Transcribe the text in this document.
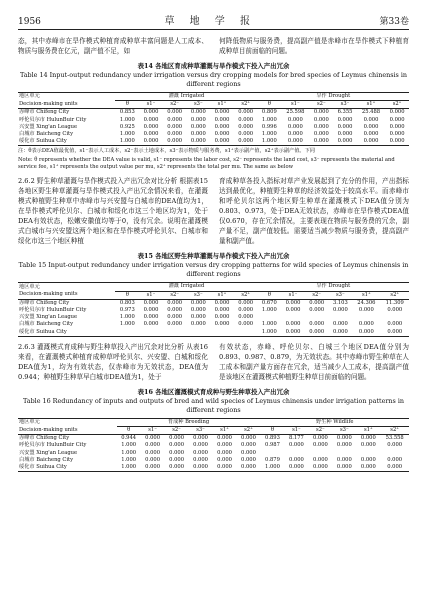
1956	草 地 学 报	第33卷
态，其中赤峰市在旱作模式种植育成种草丰富问题是人工成本、物质与服务费在亿元，副产值不足，如
何降低物质与服务费，提高副产值是赤峰市在旱作模式下种植育成种草目前面临的问题。
表14 各地区育成种草灌溉与旱作模式下投入产出冗余
Table 14 Input-output redundancy under irrigation versus dry cropping models for bred species of Leymus chinensis in different regions
地区单元	灌溉 Irrigated						旱作 Drought					
Decision-making units	θ	s1⁻	s2⁻	s3⁻	s1⁺	s2⁺	θ	s1⁻	s2⁻	s3⁻	s1⁺	s2⁺
赤峰市 Chifeng City	0.853	0.000	0.000	0.000	0.000	0.000	0.809	25.598	0.000	6.355	25.488	0.000
呼伦贝尔市 HulunBuir City	1.000	0.000	0.000	0.000	0.000	0.000	1.000	0.000	0.000	0.000	0.000	0.000
兴安盟 Xing'an League	0.925	0.000	0.000	0.000	0.000	0.000	0.996	0.000	0.000	0.000	0.000	0.000
白城市 Baicheng City	1.000	0.000	0.000	0.000	0.000	0.000	1.000	0.000	0.000	0.000	0.000	0.000
绥化市 Suihua City	1.000	0.000	0.000	0.000	0.000	0.000	1.000	0.000	0.000	0.000	0.000	0.000
注：θ表示DEA值最优值，s1⁻表示人工成本，s2⁻表示土地成本，s3⁻表示物质与服务费，s1⁺表示副产值，s2⁺表示副产值。下同
Note: θ represents whether the DEA value is valid, s1⁻ represents the labor cost, s2⁻ represents the land cost, s3⁻ represents the material and service fee, s1⁺ represents the output value per mu, s2⁺ represents the total per mu. The same as below
2.6.2 野生种草灌溉与旱作模式投入产出冗余对比分析 根据表15各地区野生种草灌溉与旱作模式投入产出冗余情况来看，在灌溉模式种植野生种草中赤峰市与兴安盟与白城市的DEA值均为1，在旱作模式呼伦贝尔、白城市和绥化市这三个地区均为1，处于DEA有效状态，松嫩安徽值均等于0，没有冗余。说明在灌溉模式白城市与兴安盟这两个地区和在旱作模式呼伦贝尔、白城市和绥化市这三个地区种植
育成种草各投入指标对草产业发展起到了充分的作用，产出指标达到最优化，种植野生种草的经济效益处于较高水平。而赤峰市和呼伦贝尔这两个地区野生种草在灌溉模式下DEA值分别为0.803、0.973，处于DEA无效状态，赤峰市在旱作模式DEA值仅0.670，存在冗余情况，主要表现在物质与服务费的冗余，副产量不足，副产值较低。需要适当减少物质与服务费，提高副产量和副产值。
表15 各地区野生种草灌溉与旱作模式下投入产出冗余
Table 15 Input-output redundancy under irrigation versus dry cropping patterns for wild species of Leymus chinensis in different regions
地区单元	灌溉 Irrigated						旱作 Drought					
Decision-making units	θ	s1⁻	s2⁻	s3⁻	s1⁺	s2⁺	θ	s1⁻	s2⁻	s3⁻	s1⁺	s2⁺
赤峰市 Chifeng City	0.803	0.000	0.000	0.000	0.000	0.000	0.670	0.000	0.000	3.103	24.306	11.309
呼伦贝尔市 HulunBuir City	0.973	0.000	0.000	0.000	0.000	0.000	1.000	0.000	0.000	0.000	0.000	0.000
兴安盟 Xing'an League	1.000	0.000	0.000	0.000	0.000	0.000						
白城市 Baicheng City	1.000	0.000	0.000	0.000	0.000	0.000	1.000	0.000	0.000	0.000	0.000	0.000
绥化市 Suihua City							1.000	0.000	0.000	0.000	0.000	0.000
2.6.3 灌溉模式育成种与野生种草投入产出冗余对比分析 从表16来看，在灌溉模式种植育成种草呼伦贝尔、兴安盟、白城和绥化DEA值为1，均为有效状态，仅赤峰市为无效状态，DEA值为0.944；种植野生种草早白城市DEA值为1，处于
有效状态，赤峰、呼伦贝尔、白城三个地区DEA值分别为0.893、0.987、0.879，为无效状态。其中赤峰市野生种草在人工成本和副产量方面存在冗余，适当减少人工成本，提高副产值是该地区在灌溉模式种植野生种草目前面临的问题。
表16 各地区灌溉模式育成种与野生种草投入产出冗余
Table 16 Redundancy of inputs and outputs of bred and wild species of Leymus chinensis under irrigation patterns in different regions
地区单元	育成种 Breeding						野生种 Wildlife					
Decision-making units	θ	s1⁻	s2⁻	s3⁻	s1⁺	s2⁺	θ	s1⁻	s2⁻	s3⁻	s1⁺	s2⁺
赤峰市 Chifeng City	0.944	0.000	0.000	0.000	0.000	0.000	0.893	8.177	0.000	0.000	0.000	53.558
呼伦贝尔市 HulunBuir City	1.000	0.000	0.000	0.000	0.000	0.000	0.987	0.000	0.000	0.000	0.000	0.000
兴安盟 Xing'an League	1.000	0.000	0.000	0.000	0.000	0.000						
白城市 Baicheng City	1.000	0.000	0.000	0.000	0.000	0.000	0.879	0.000	0.000	0.000	0.000	0.000
绥化市 Suihua City	1.000	0.000	0.000	0.000	0.000	0.000	1.000	0.000	0.000	0.000	0.000	0.000
